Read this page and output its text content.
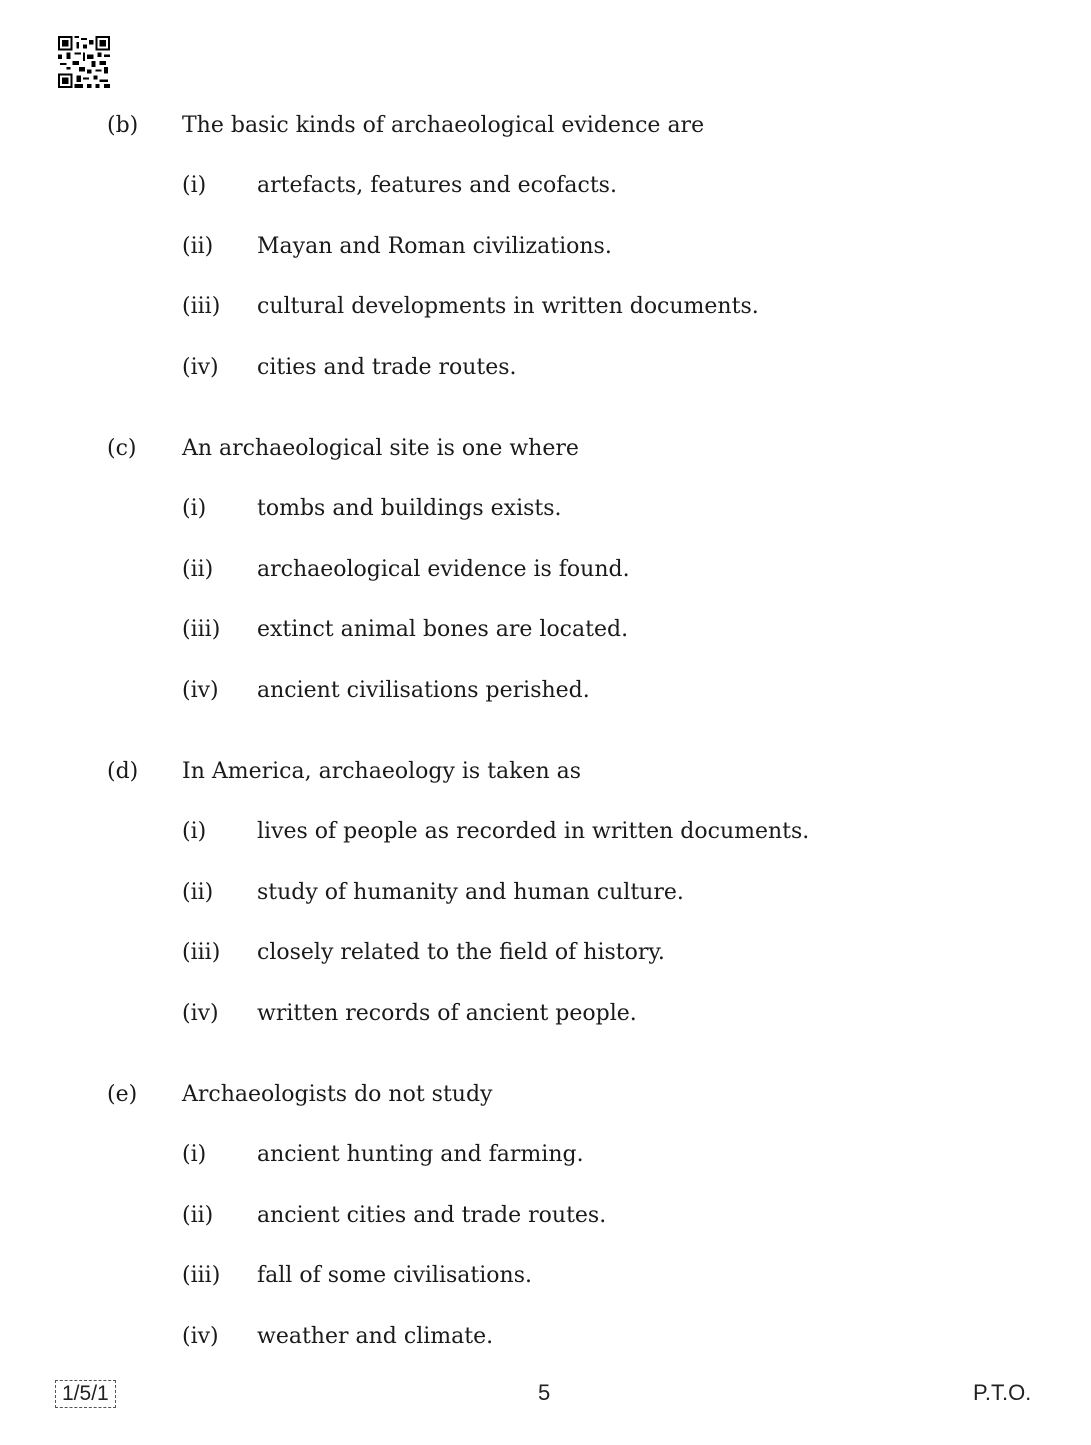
(b) The basic kinds of archaeological evidence are
(i) artefacts, features and ecofacts.
(ii) Mayan and Roman civilizations.
(iii) cultural developments in written documents.
(iv) cities and trade routes.
(c) An archaeological site is one where
(i) tombs and buildings exists.
(ii) archaeological evidence is found.
(iii) extinct animal bones are located.
(iv) ancient civilisations perished.
(d) In America, archaeology is taken as
(i) lives of people as recorded in written documents.
(ii) study of humanity and human culture.
(iii) closely related to the field of history.
(iv) written records of ancient people.
(e) Archaeologists do not study
(i) ancient hunting and farming.
(ii) ancient cities and trade routes.
(iii) fall of some civilisations.
(iv) weather and climate.
1/5/1	5	P.T.O.
